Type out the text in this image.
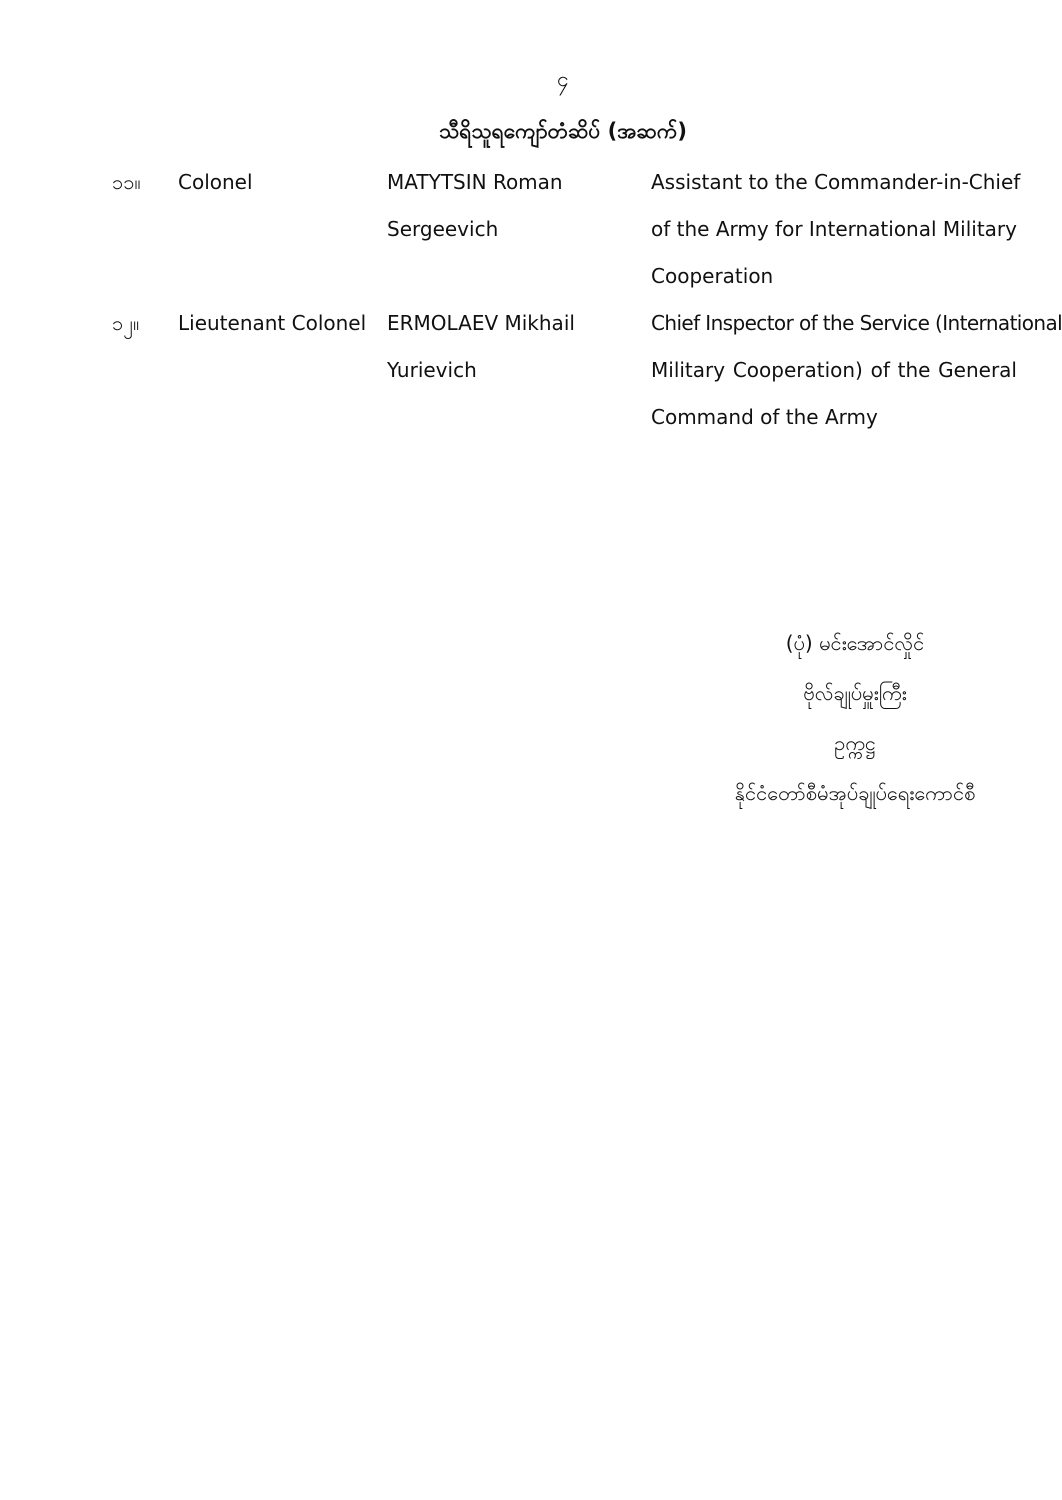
၄
သီရိသူရကျော်တံဆိပ် (အဆက်)
၁၁။ Colonel	MATYTSIN Roman
Sergeevich
Assistant to the Commander-in-Chief
of the Army for International Military
Cooperation
၁၂။ Lieutenant Colonel ERMOLAEV Mikhail
Yurievich
Chief Inspector of the Service (International
Military Cooperation) of the General
Command of the Army
(ပုံ) မင်းအောင်လှိုင်
ဗိုလ်ချုပ်မှူးကြီး
ဥက္ကဋ္ဌ
နိုင်ငံတော်စီမံအုပ်ချုပ်ရေးကောင်စီ
